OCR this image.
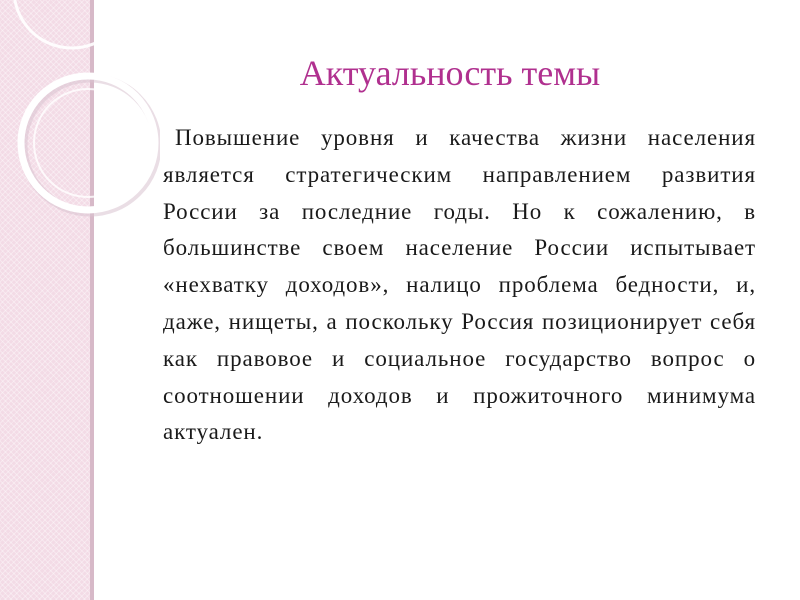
Актуальность темы

Повышение уровня и качества жизни населения является стратегическим направлением развития России за последние годы. Но к сожалению, в большинстве своем население России испытывает «нехватку доходов», налицо проблема бедности, и, даже, нищеты, а поскольку Россия позиционирует себя как правовое и социальное государство вопрос о соотношении доходов и прожиточного минимума актуален.
